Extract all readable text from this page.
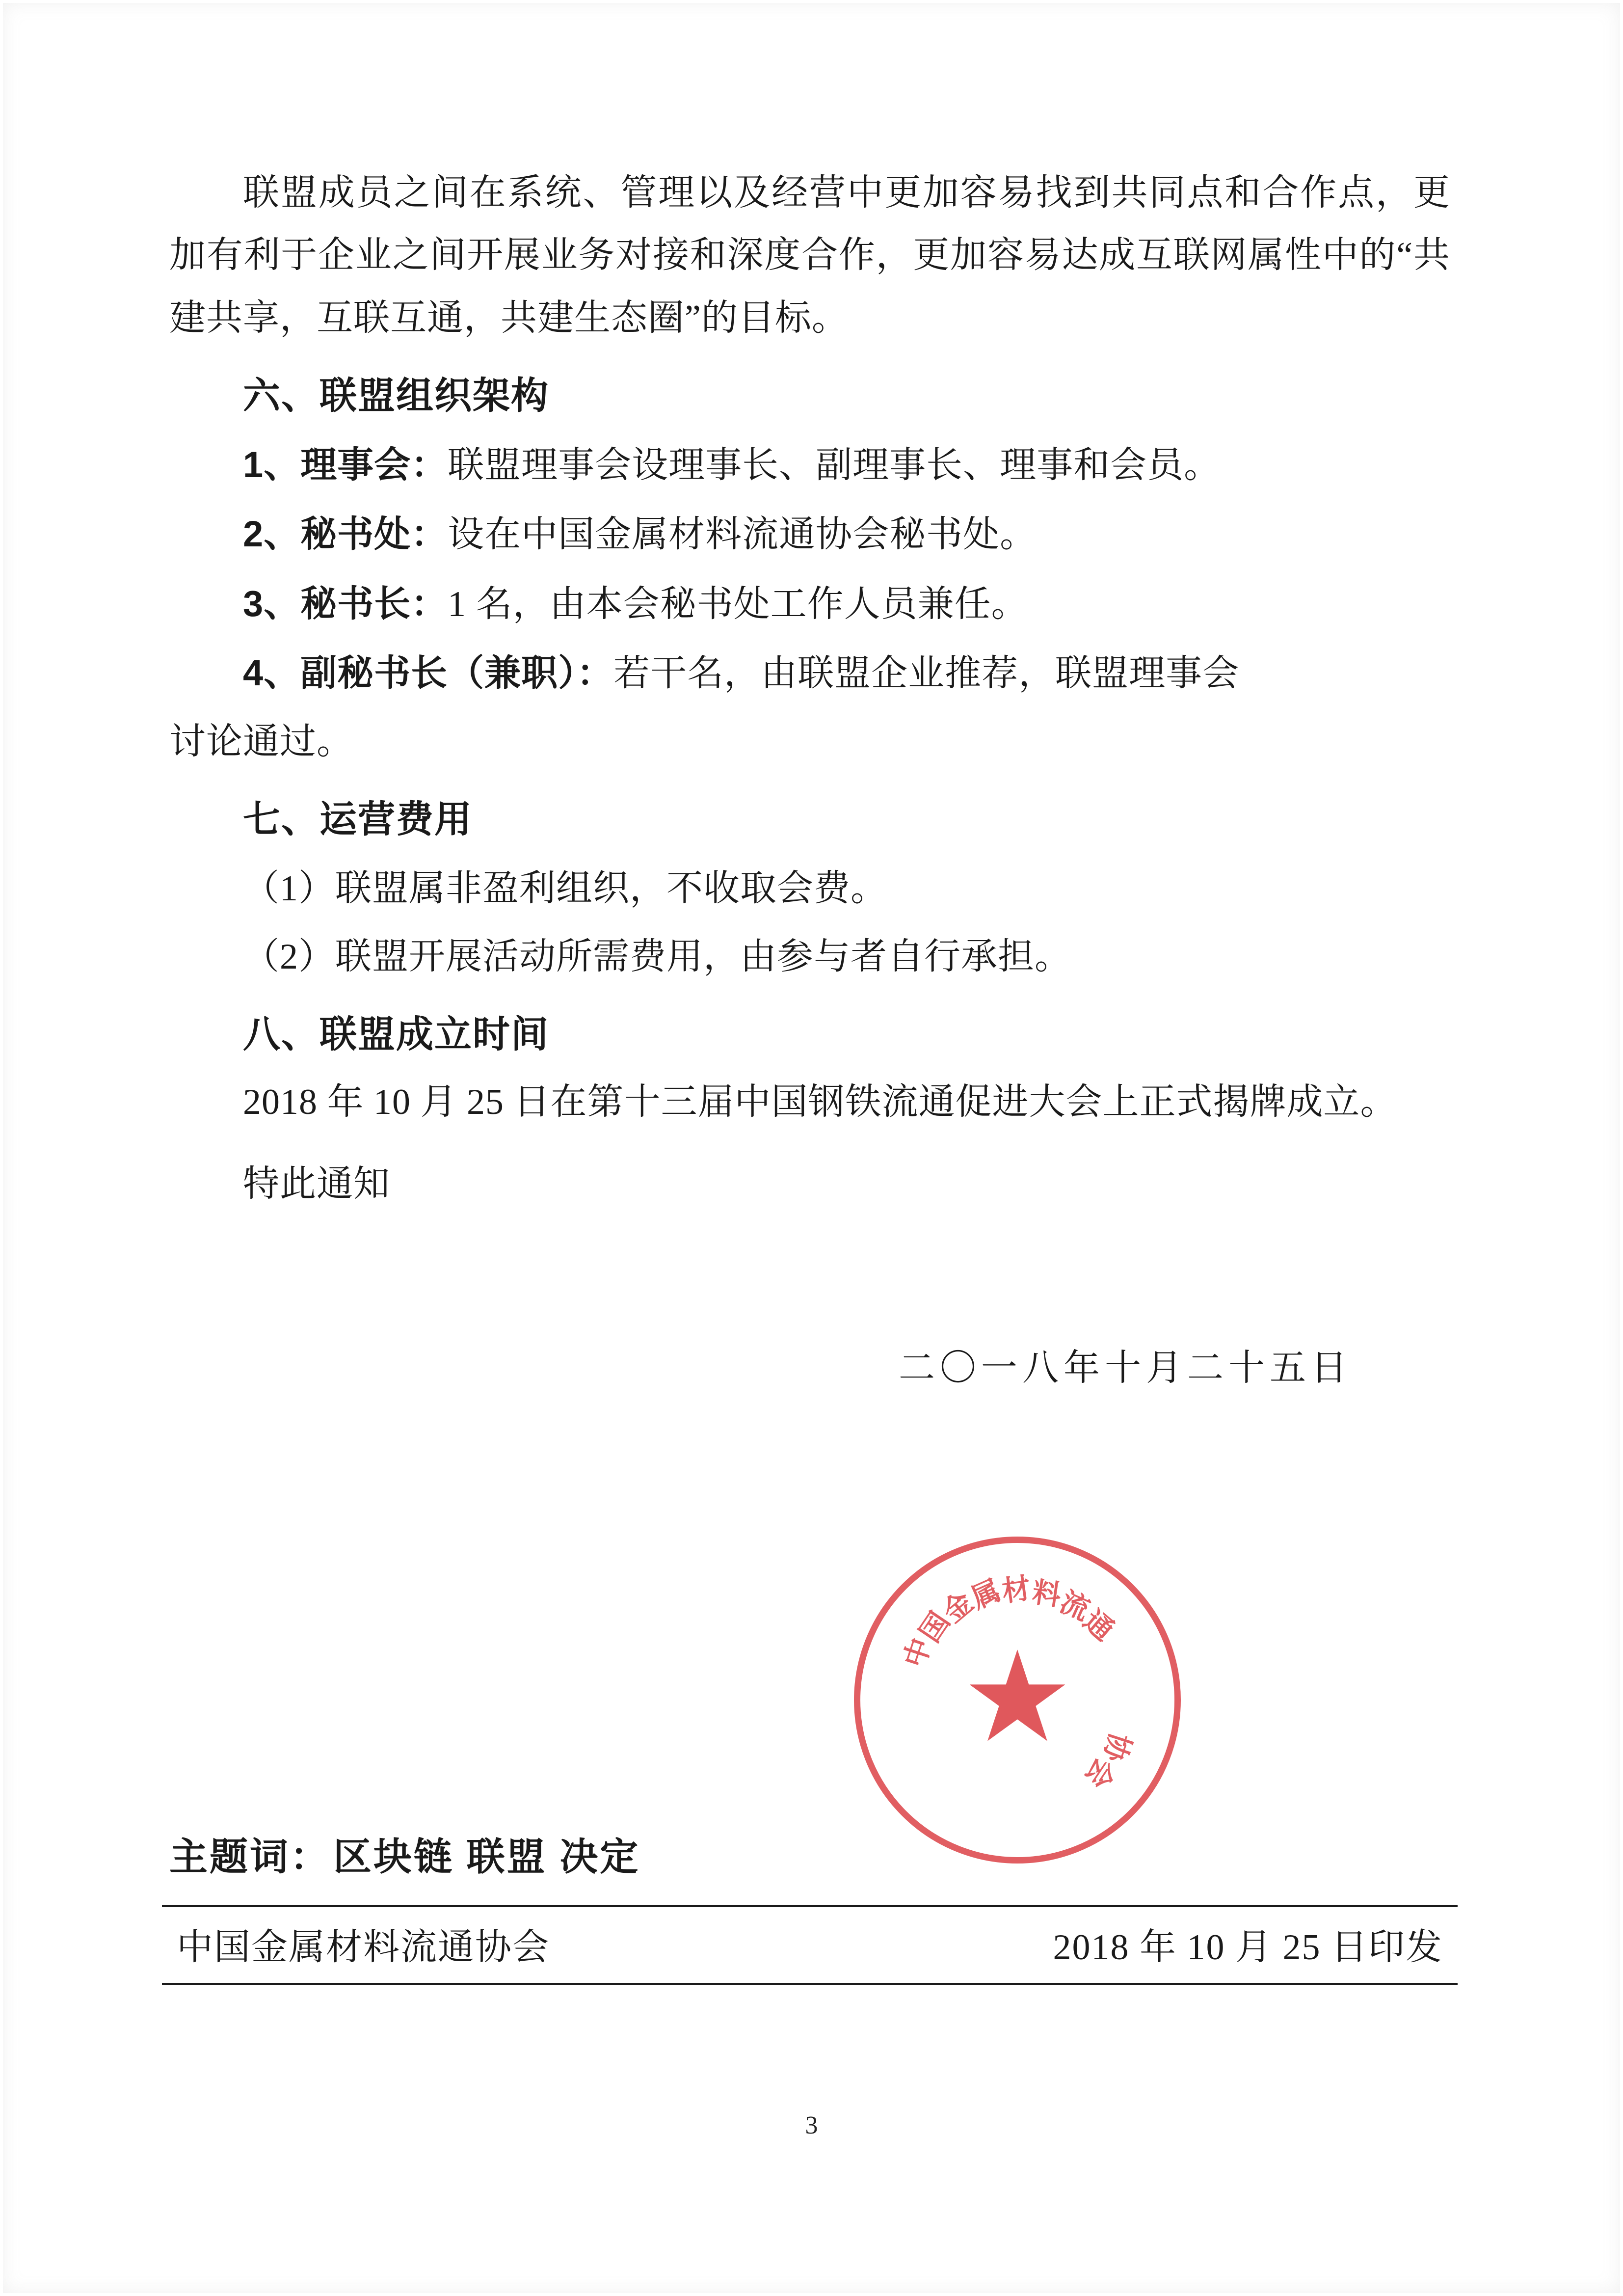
联盟成员之间在系统、管理以及经营中更加容易找到共同点和合作点，更加有利于企业之间开展业务对接和深度合作，更加容易达成互联网属性中的“共建共享，互联互通，共建生态圈”的目标。

六、联盟组织架构

1、理事会：联盟理事会设理事长、副理事长、理事和会员。

2、秘书处：设在中国金属材料流通协会秘书处。

3、秘书长：1 名，由本会秘书处工作人员兼任。

4、副秘书长（兼职）：若干名，由联盟企业推荐，联盟理事会

讨论通过。

七、运营费用

（1）联盟属非盈利组织，不收取会费。

（2）联盟开展活动所需费用，由参与者自行承担。

八、联盟成立时间

2018 年 10 月 25 日在第十三届中国钢铁流通促进大会上正式揭牌成立。

特此通知

二〇一八年十月二十五日

中
国
金
属
材
料
流
通
协
会
★
主题词：区块链 联盟 决定
中国金属材料流通协会	2018 年 10 月 25 日印发
3
